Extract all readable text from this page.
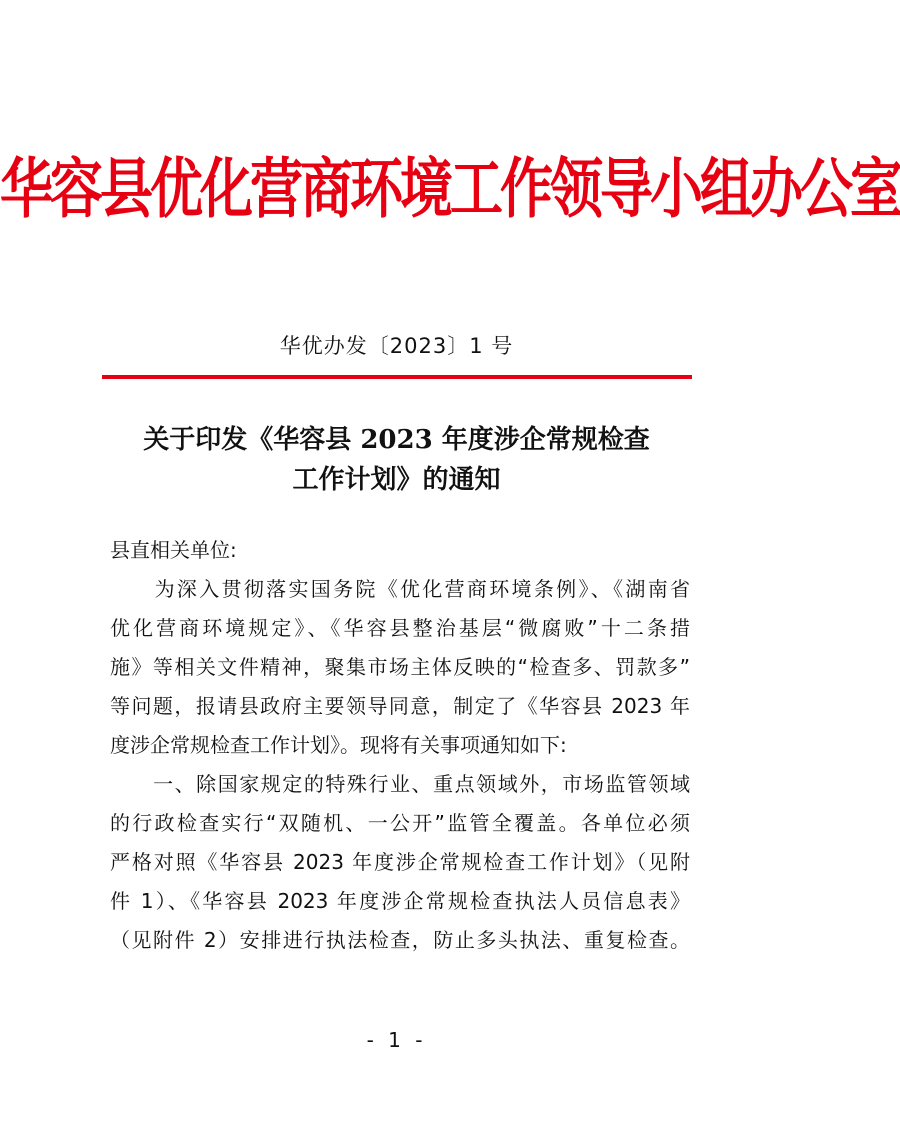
华容县优化营商环境工作领导小组办公室
华优办发〔2023〕1 号
关于印发《华容县 2023 年度涉企常规检查
工作计划》的通知
县直相关单位:
　　为深入贯彻落实国务院《优化营商环境条例》、《湖南省
优化营商环境规定》、《华容县整治基层“微腐败”十二条措
施》等相关文件精神，聚集市场主体反映的“检查多、罚款多”
等问题，报请县政府主要领导同意，制定了《华容县 2023 年
度涉企常规检查工作计划》。现将有关事项通知如下:
　　一、除国家规定的特殊行业、重点领域外，市场监管领域
的行政检查实行“双随机、一公开”监管全覆盖。各单位必须
严格对照《华容县 2023 年度涉企常规检查工作计划》（见附
件 1）、《华容县 2023 年度涉企常规检查执法人员信息表》
（见附件 2）安排进行执法检查，防止多头执法、重复检查。
- 1 -
